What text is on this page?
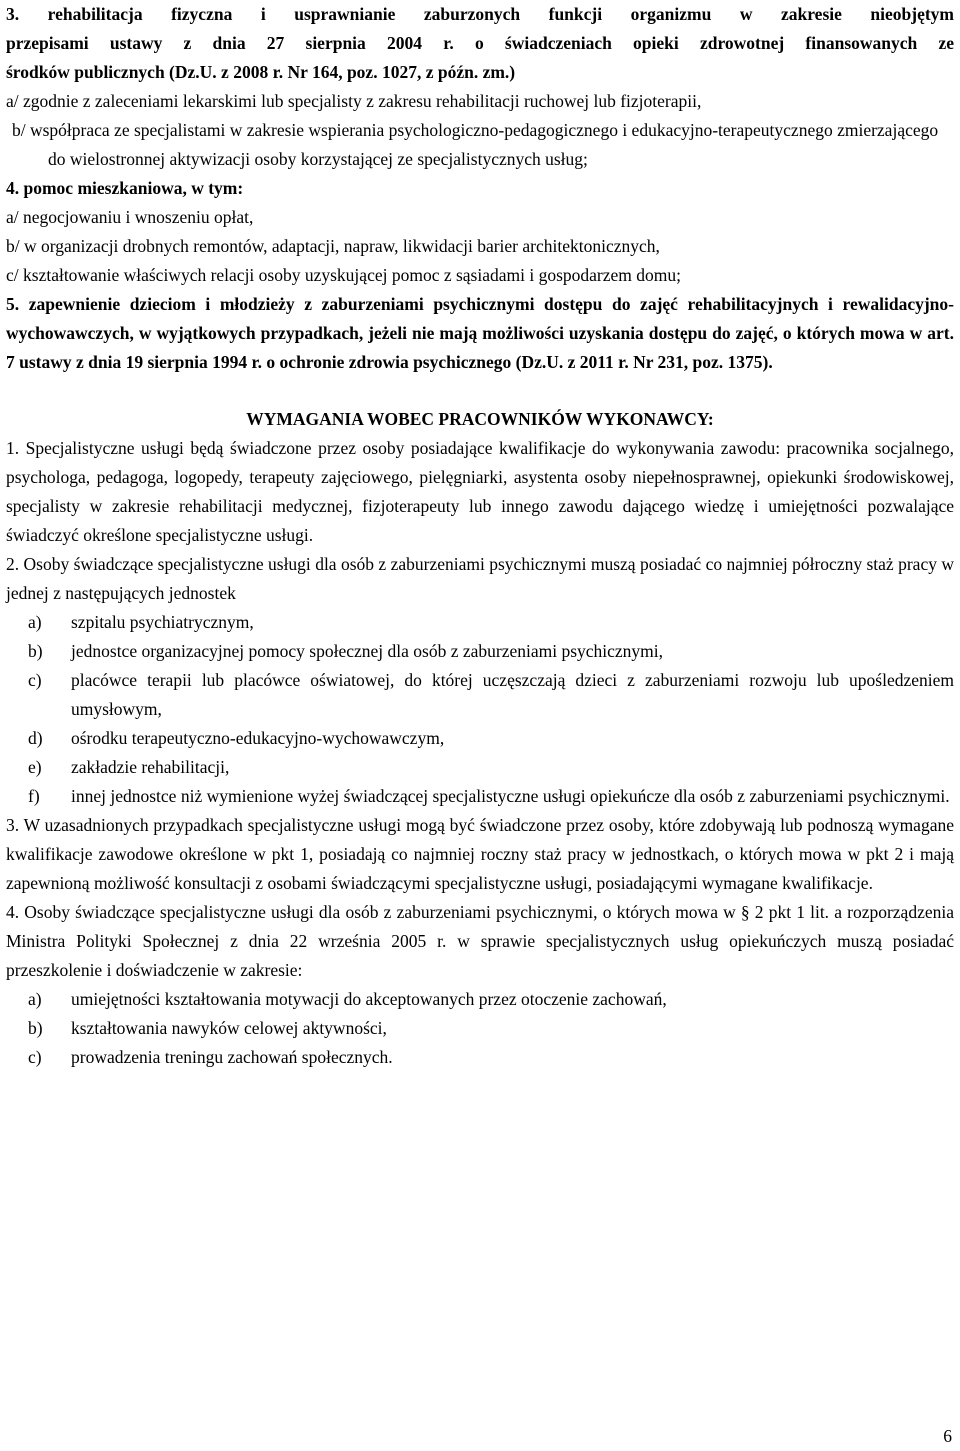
3. rehabilitacja fizyczna i usprawnianie zaburzonych funkcji organizmu w zakresie nieobjętym

przepisami ustawy z dnia 27 sierpnia 2004 r. o świadczeniach opieki zdrowotnej finansowanych ze

środków publicznych (Dz.U. z 2008 r. Nr 164, poz. 1027, z późn. zm.)

a/ zgodnie z zaleceniami lekarskimi lub specjalisty z zakresu rehabilitacji ruchowej lub fizjoterapii,

b/ współpraca ze specjalistami w zakresie wspierania psychologiczno-pedagogicznego i edukacyjno-terapeutycznego zmierzającego do wielostronnej aktywizacji osoby korzystającej ze specjalistycznych usług;

4. pomoc mieszkaniowa, w tym:

a/ negocjowaniu i wnoszeniu opłat,

b/ w organizacji drobnych remontów, adaptacji, napraw, likwidacji barier architektonicznych,

c/ kształtowanie właściwych relacji osoby uzyskującej pomoc z sąsiadami i gospodarzem domu;

5. zapewnienie dzieciom i młodzieży z zaburzeniami psychicznymi dostępu do zajęć rehabilitacyjnych i rewalidacyjno-wychowawczych, w wyjątkowych przypadkach, jeżeli nie mają możliwości uzyskania dostępu do zajęć, o których mowa w art. 7 ustawy z dnia 19 sierpnia 1994 r. o ochronie zdrowia psychicznego (Dz.U. z 2011 r. Nr 231, poz. 1375).

WYMAGANIA WOBEC PRACOWNIKÓW WYKONAWCY:

1. Specjalistyczne usługi będą świadczone przez osoby posiadające kwalifikacje do wykonywania zawodu: pracownika socjalnego, psychologa, pedagoga, logopedy, terapeuty zajęciowego, pielęgniarki, asystenta osoby niepełnosprawnej, opiekunki środowiskowej, specjalisty w zakresie rehabilitacji medycznej, fizjoterapeuty lub innego zawodu dającego wiedzę i umiejętności pozwalające świadczyć określone specjalistyczne usługi.

2. Osoby świadczące specjalistyczne usługi dla osób z zaburzeniami psychicznymi muszą posiadać co najmniej półroczny staż pracy w jednej z następujących jednostek

a)	szpitalu psychiatrycznym,
b)	jednostce organizacyjnej pomocy społecznej dla osób z zaburzeniami psychicznymi,
c)	placówce terapii lub placówce oświatowej, do której uczęszczają dzieci z zaburzeniami rozwoju lub upośledzeniem umysłowym,
d)	ośrodku terapeutyczno-edukacyjno-wychowawczym,
e)	zakładzie rehabilitacji,
f)	innej jednostce niż wymienione wyżej świadczącej specjalistyczne usługi opiekuńcze dla osób z zaburzeniami psychicznymi.

3. W uzasadnionych przypadkach specjalistyczne usługi mogą być świadczone przez osoby, które zdobywają lub podnoszą wymagane kwalifikacje zawodowe określone w pkt 1, posiadają co najmniej roczny staż pracy w jednostkach, o których mowa w pkt 2 i mają zapewnioną możliwość konsultacji z osobami świadczącymi specjalistyczne usługi, posiadającymi wymagane kwalifikacje.

4. Osoby świadczące specjalistyczne usługi dla osób z zaburzeniami psychicznymi, o których mowa w § 2 pkt 1 lit. a rozporządzenia Ministra Polityki Społecznej z dnia 22 września 2005 r. w sprawie specjalistycznych usług opiekuńczych muszą posiadać przeszkolenie i doświadczenie w zakresie:

a)	umiejętności kształtowania motywacji do akceptowanych przez otoczenie zachowań,
b)	kształtowania nawyków celowej aktywności,
c)	prowadzenia treningu zachowań społecznych.
6
